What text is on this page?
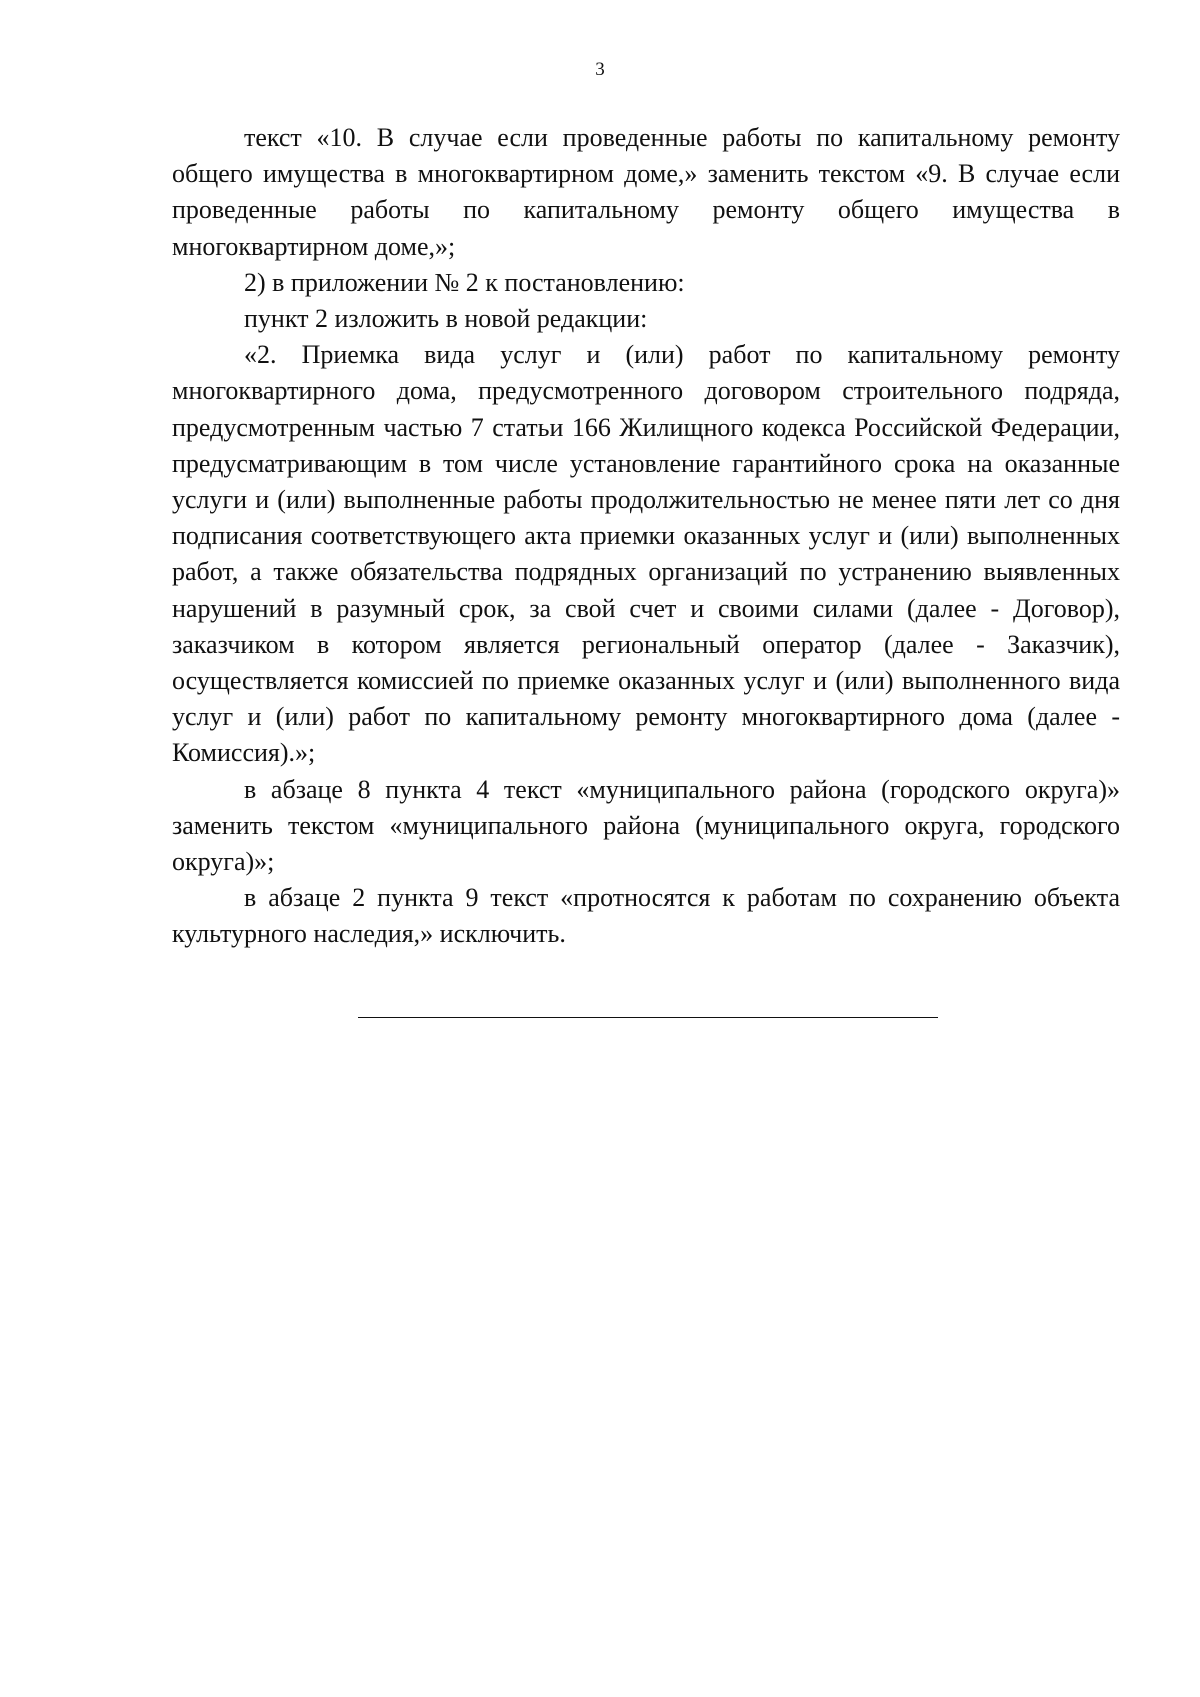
3

текст «10. В случае если проведенные работы по капитальному ремонту общего имущества в многоквартирном доме,» заменить текстом «9. В случае если проведенные работы по капитальному ремонту общего имущества в многоквартирном доме,»;

2) в приложении № 2 к постановлению:

пункт 2 изложить в новой редакции:

«2. Приемка вида услуг и (или) работ по капитальному ремонту многоквартирного дома, предусмотренного договором строительного подряда, предусмотренным частью 7 статьи 166 Жилищного кодекса Российской Федерации, предусматривающим в том числе установление гарантийного срока на оказанные услуги и (или) выполненные работы продолжительностью не менее пяти лет со дня подписания соответствующего акта приемки оказанных услуг и (или) выполненных работ, а также обязательства подрядных организаций по устранению выявленных нарушений в разумный срок, за свой счет и своими силами (далее - Договор), заказчиком в котором является региональный оператор (далее - Заказчик), осуществляется комиссией по приемке оказанных услуг и (или) выполненного вида услуг и (или) работ по капитальному ремонту многоквартирного дома (далее - Комиссия).»;

в абзаце 8 пункта 4 текст «муниципального района (городского округа)» заменить текстом «муниципального района (муниципального округа, городского округа)»;

в абзаце 2 пункта 9 текст «протносятся к работам по сохранению объекта культурного наследия,» исключить.
